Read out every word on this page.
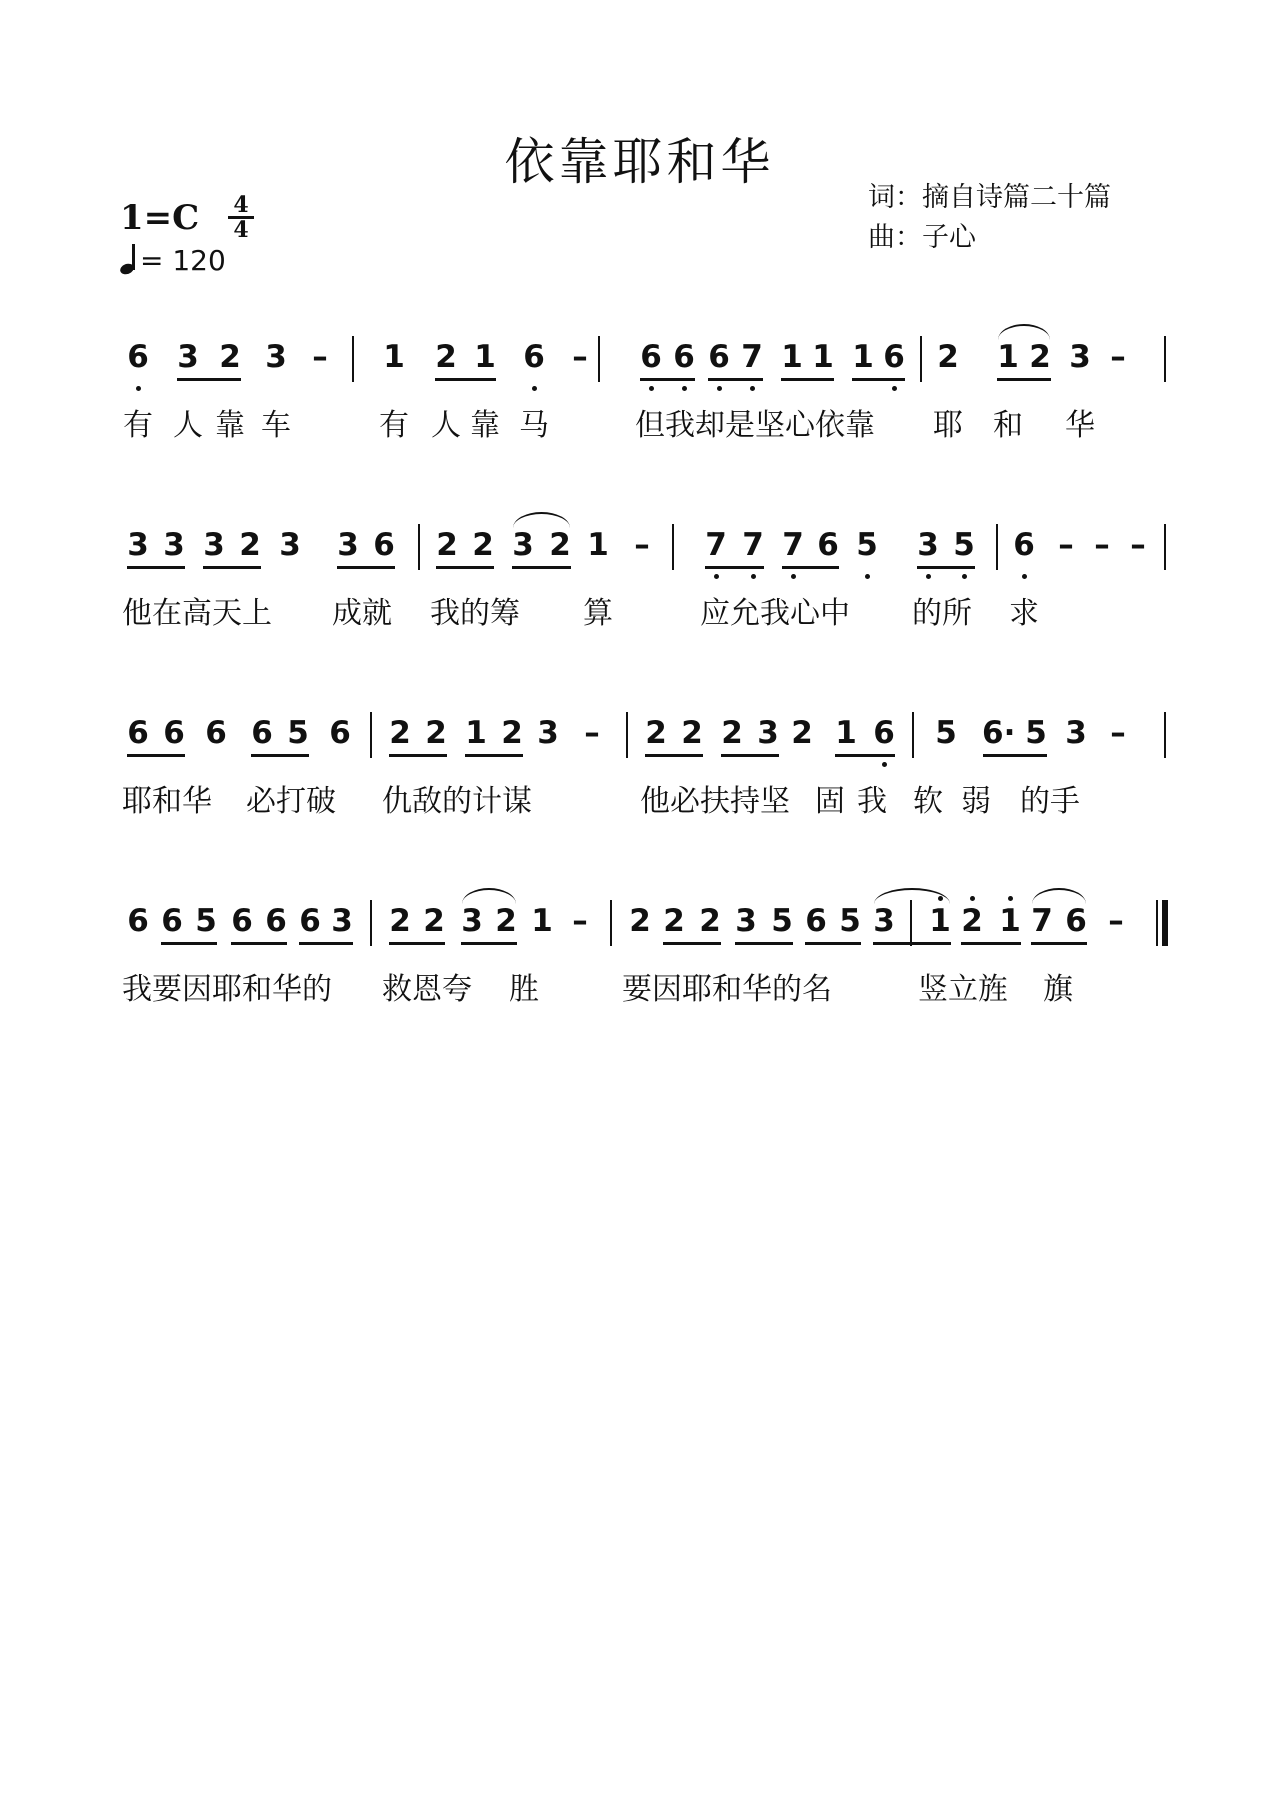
依靠耶和华
词：摘自诗篇二十篇
曲：子心
$1=C \frac{4}{4}$
= 120
6 3 2 3 – 1 2 1 6 – 6 6 6 7 1 1 1 6 2 1 2 3 –
有 人 靠 车	有 人 靠 马	但我却是坚心依靠 耶 和 华
3 3 3 2 3 3 6 2 2 3 2 1 – 7 7 7 6 5 3 5 6 – – –
他在高天上 成就 我的筹 算	应允我心中 的所 求
6 6 6 6 5 6 2 2 1 2 3 – 2 2 2 3 2 1 6 5 6· 5 3 –
耶和华 必打破 仇敌的计谋	他必扶持坚 固 我 软 弱 的手
6 6 5 6 6 6 3 2 2 3 2 1 – 2 2 2 3 5 6 5 3 1 2 1 7 6 –
我要因耶和华的 救恩夸 胜	要因耶和华的名	竖立旌 旗
